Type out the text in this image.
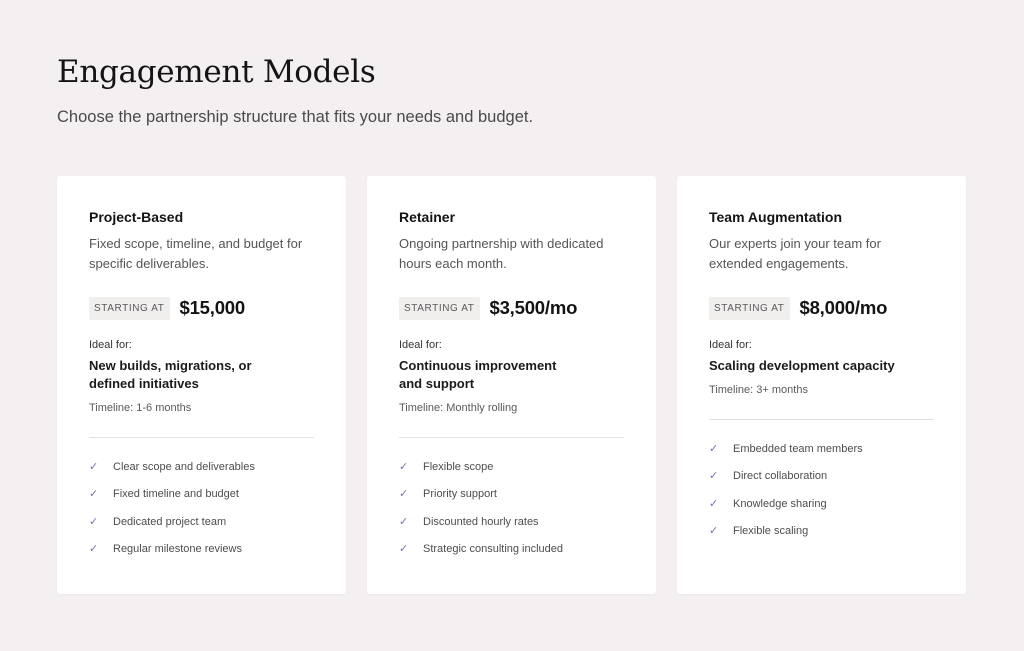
Engagement Models

Choose the partnership structure that fits your needs and budget.

Project-Based

Fixed scope, timeline, and budget for specific deliverables.

STARTING AT $15,000
Ideal for:
New builds, migrations, or defined initiatives
Timeline: 1-6 months
✓	Clear scope and deliverables
✓	Fixed timeline and budget
✓	Dedicated project team
✓	Regular milestone reviews
Retainer

Ongoing partnership with dedicated hours each month.

STARTING AT $3,500/mo
Ideal for:
Continuous improvement and support
Timeline: Monthly rolling
✓	Flexible scope
✓	Priority support
✓	Discounted hourly rates
✓	Strategic consulting included
Team Augmentation

Our experts join your team for extended engagements.

STARTING AT $8,000/mo
Ideal for:
Scaling development capacity
Timeline: 3+ months
✓	Embedded team members
✓	Direct collaboration
✓	Knowledge sharing
✓	Flexible scaling
